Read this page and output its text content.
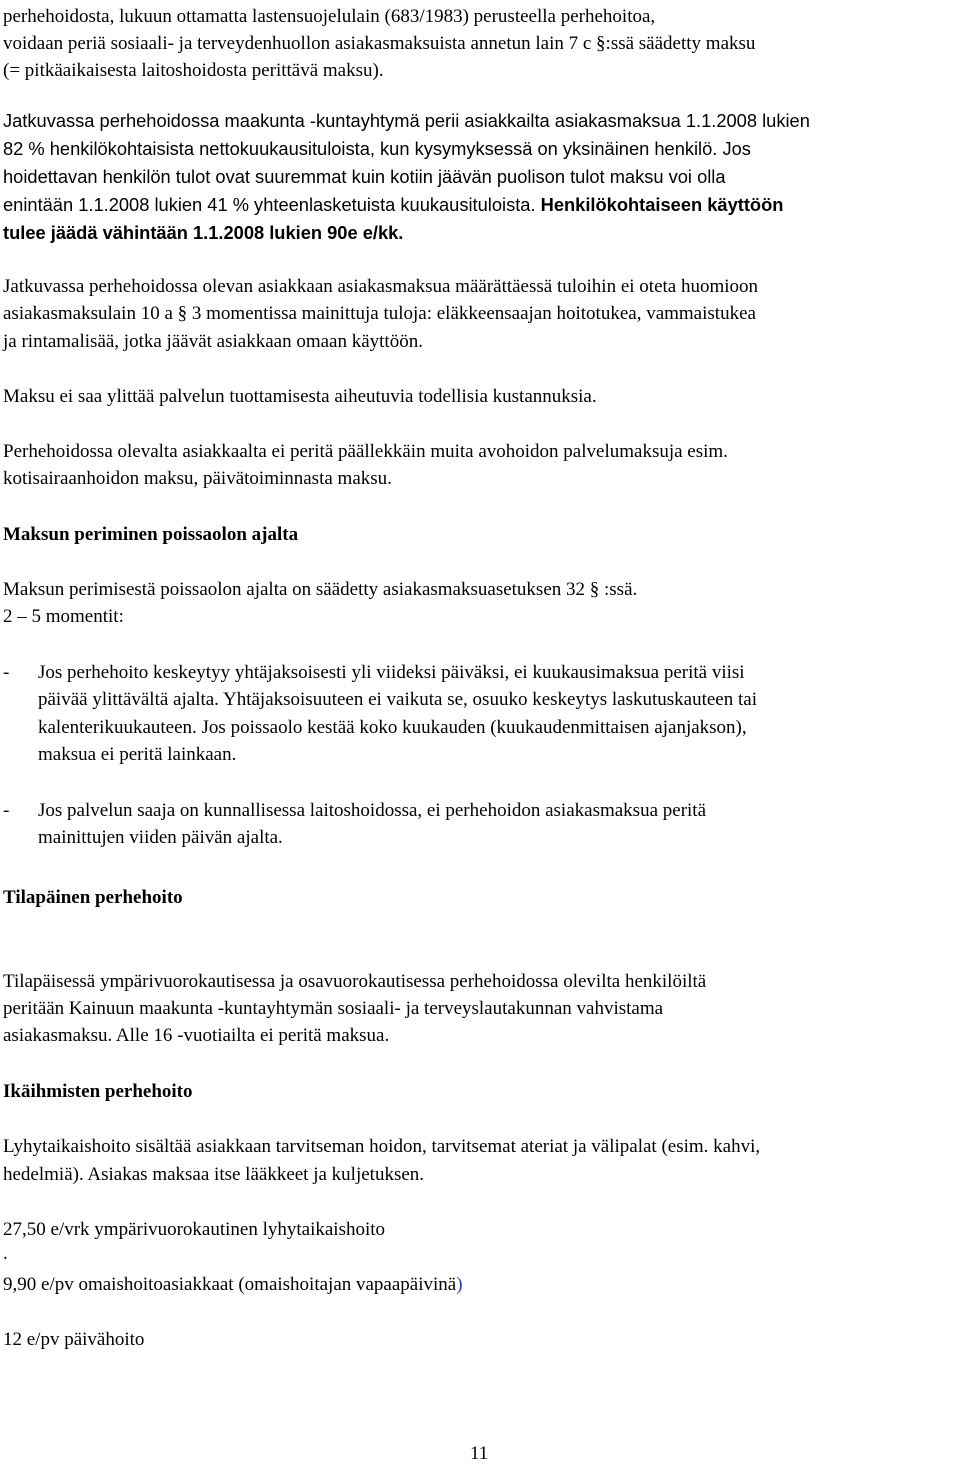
perhehoidosta, lukuun ottamatta lastensuojelulain (683/1983) perusteella perhehoitoa,
voidaan periä sosiaali- ja terveydenhuollon asiakasmaksuista annetun lain 7 c §:ssä säädetty maksu
(= pitkäaikaisesta laitoshoidosta perittävä maksu).
Jatkuvassa perhehoidossa maakunta -kuntayhtymä perii asiakkailta asiakasmaksua 1.1.2008 lukien
82 % henkilökohtaisista nettokuukausituloista, kun kysymyksessä on yksinäinen henkilö. Jos
hoidettavan henkilön tulot ovat suuremmat kuin kotiin jäävän puolison tulot maksu voi olla
enintään 1.1.2008 lukien 41 % yhteenlasketuista kuukausituloista. Henkilökohtaiseen käyttöön
tulee jäädä vähintään 1.1.2008 lukien 90e e/kk.
Jatkuvassa perhehoidossa olevan asiakkaan asiakasmaksua määrättäessä tuloihin ei oteta huomioon
asiakasmaksulain 10 a § 3 momentissa mainittuja tuloja: eläkkeensaajan hoitotukea, vammaistukea
ja rintamalisää, jotka jäävät asiakkaan omaan käyttöön.
Maksu ei saa ylittää palvelun tuottamisesta aiheutuvia todellisia kustannuksia.
Perhehoidossa olevalta asiakkaalta ei peritä päällekkäin muita avohoidon palvelumaksuja esim.
kotisairaanhoidon maksu, päivätoiminnasta maksu.
Maksun periminen poissaolon ajalta
Maksun perimisestä poissaolon ajalta on säädetty asiakasmaksuasetuksen 32 § :ssä.
2 – 5 momentit:
- Jos perhehoito keskeytyy yhtäjaksoisesti yli viideksi päiväksi, ei kuukausimaksua peritä viisi
päivää ylittävältä ajalta. Yhtäjaksoisuuteen ei vaikuta se, osuuko keskeytys laskutuskauteen tai
kalenterikuukauteen. Jos poissaolo kestää koko kuukauden (kuukaudenmittaisen ajanjakson),
maksua ei peritä lainkaan.
- Jos palvelun saaja on kunnallisessa laitoshoidossa, ei perhehoidon asiakasmaksua peritä
mainittujen viiden päivän ajalta.
Tilapäinen perhehoito
Tilapäisessä ympärivuorokautisessa ja osavuorokautisessa perhehoidossa olevilta henkilöiltä
peritään Kainuun maakunta -kuntayhtymän sosiaali- ja terveyslautakunnan vahvistama
asiakasmaksu. Alle 16 -vuotiailta ei peritä maksua.
Ikäihmisten perhehoito
Lyhytaikaishoito sisältää asiakkaan tarvitseman hoidon, tarvitsemat ateriat ja välipalat (esim. kahvi,
hedelmiä). Asiakas maksaa itse lääkkeet ja kuljetuksen.
27,50 e/vrk ympärivuorokautinen lyhytaikaishoito
.
9,90 e/pv omaishoitoasiakkaat (omaishoitajan vapaapäivinä)
12 e/pv päivähoito
11
